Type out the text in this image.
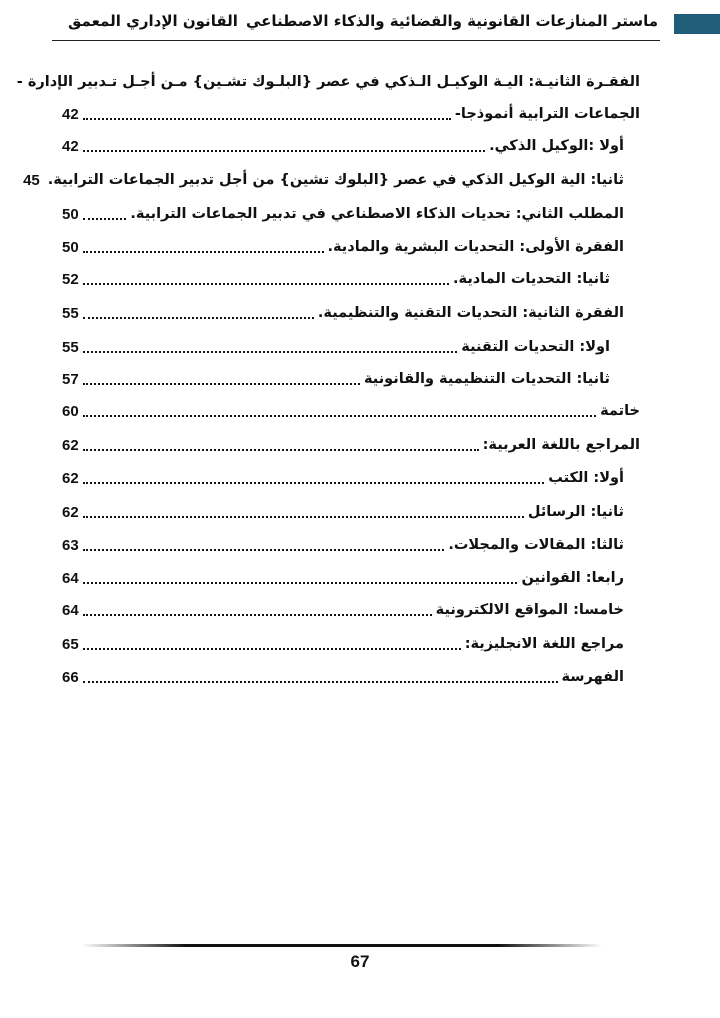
ماستر المنازعات القانونية والقضائية والذكاء الاصطناعي
القانون الإداري المعمق
الفقـرة الثانيـة: اليـة الوكيـل الـذكي في عصر {البلـوك تشـين} مـن أجـل تـدبير الإدارة -
الجماعات الترابية أنموذجا-
42
أولا :الوكيل الذكي.
42
ثانيا: الية الوكيل الذكي في عصر {البلوك تشين} من أجل تدبير الجماعات الترابية.
45
المطلب الثاني: تحديات الذكاء الاصطناعي في تدبير الجماعات الترابية.
50
الفقرة الأولى: التحديات البشرية والمادية.
50
ثانيا: التحديات المادية.
52
الفقرة الثانية: التحديات التقنية والتنظيمية.
55
اولا: التحديات التقنية
55
ثانيا: التحديات التنظيمية والقانونية
57
خاتمة
60
المراجع باللغة العربية:
62
أولا: الكتب
62
ثانيا: الرسائل
62
ثالثا: المقالات والمجلات.
63
رابعا: القوانين
64
خامسا: المواقع الالكترونية
64
مراجع اللغة الانجليزية:
65
الفهرسة
66
67
